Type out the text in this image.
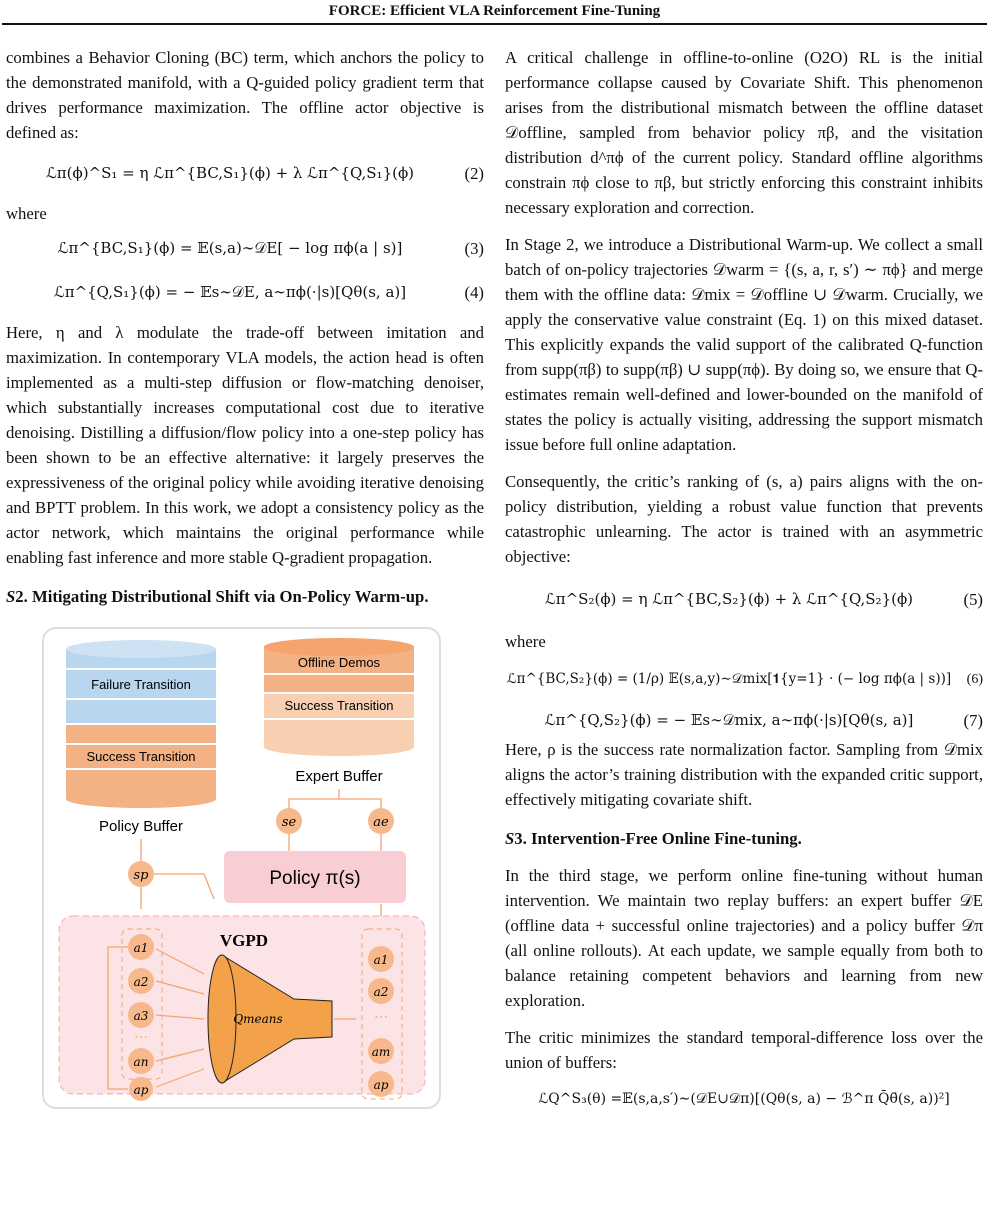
FORCE: Efficient VLA Reinforcement Fine-Tuning

combines a Behavior Cloning (BC) term, which anchors the policy to the demonstrated manifold, with a Q-guided policy gradient term that drives performance maximization. The offline actor objective is defined as:

ℒπ(ϕ)^S₁ = η ℒπ^{BC,S₁}(ϕ) + λ ℒπ^{Q,S₁}(ϕ)	(2)

where

ℒπ^{BC,S₁}(ϕ) = 𝔼(s,a)∼𝒟E[ − log πϕ(a | s)]	(3)
ℒπ^{Q,S₁}(ϕ) = − 𝔼s∼𝒟E, a∼πϕ(·|s)[Qθ(s, a)]	(4)

Here, η and λ modulate the trade-off between imitation and maximization. In contemporary VLA models, the action head is often implemented as a multi-step diffusion or flow-matching denoiser, which substantially increases computational cost due to iterative denoising. Distilling a diffusion/flow policy into a one-step policy has been shown to be an effective alternative: it largely preserves the expressiveness of the original policy while avoiding iterative denoising and BPTT problem. In this work, we adopt a consistency policy as the actor network, which maintains the original performance while enabling fast inference and more stable Q-gradient propagation.

S2. Mitigating Distributional Shift via On-Policy Warm-up.

Failure Transition
Success Transition
Policy Buffer
Offline Demos
Success Transition
Expert Buffer
se	ae
sp	Policy π(s)
VGPD
a1
a2
a3
⋯
an
ap
Qmeans
a1
a2
⋯
am
ap

A critical challenge in offline-to-online (O2O) RL is the initial performance collapse caused by Covariate Shift. This phenomenon arises from the distributional mismatch between the offline dataset 𝒟offline, sampled from behavior policy πβ, and the visitation distribution d^πϕ of the current policy. Standard offline algorithms constrain πϕ close to πβ, but strictly enforcing this constraint inhibits necessary exploration and correction.

In Stage 2, we introduce a Distributional Warm-up. We collect a small batch of on-policy trajectories 𝒟warm = {(s, a, r, s′) ∼ πϕ} and merge them with the offline data: 𝒟mix = 𝒟offline ∪ 𝒟warm. Crucially, we apply the conservative value constraint (Eq. 1) on this mixed dataset. This explicitly expands the valid support of the calibrated Q-function from supp(πβ) to supp(πβ) ∪ supp(πϕ). By doing so, we ensure that Q-estimates remain well-defined and lower-bounded on the manifold of states the policy is actually visiting, addressing the support mismatch issue before full online adaptation.

Consequently, the critic’s ranking of (s, a) pairs aligns with the on-policy distribution, yielding a robust value function that prevents catastrophic unlearning. The actor is trained with an asymmetric objective:

ℒπ^S₂(ϕ) = η ℒπ^{BC,S₂}(ϕ) + λ ℒπ^{Q,S₂}(ϕ)	(5)

where

ℒπ^{BC,S₂}(ϕ) = (1/ρ) 𝔼(s,a,y)∼𝒟mix[𝟏{y=1} · (− log πϕ(a | s))]	(6)
ℒπ^{Q,S₂}(ϕ) = − 𝔼s∼𝒟mix, a∼πϕ(·|s)[Qθ(s, a)]	(7)

Here, ρ is the success rate normalization factor. Sampling from 𝒟mix aligns the actor’s training distribution with the expanded critic support, effectively mitigating covariate shift.

S3. Intervention-Free Online Fine-tuning.

In the third stage, we perform online fine-tuning without human intervention. We maintain two replay buffers: an expert buffer 𝒟E (offline data + successful online trajectories) and a policy buffer 𝒟π (all online rollouts). At each update, we sample equally from both to balance retaining competent behaviors and learning from new exploration.

The critic minimizes the standard temporal-difference loss over the union of buffers:

ℒQ^S₃(θ) =𝔼(s,a,s′)∼(𝒟E∪𝒟π)[(Qθ(s, a) − ℬ^π Q̄θ̄(s, a))²]
